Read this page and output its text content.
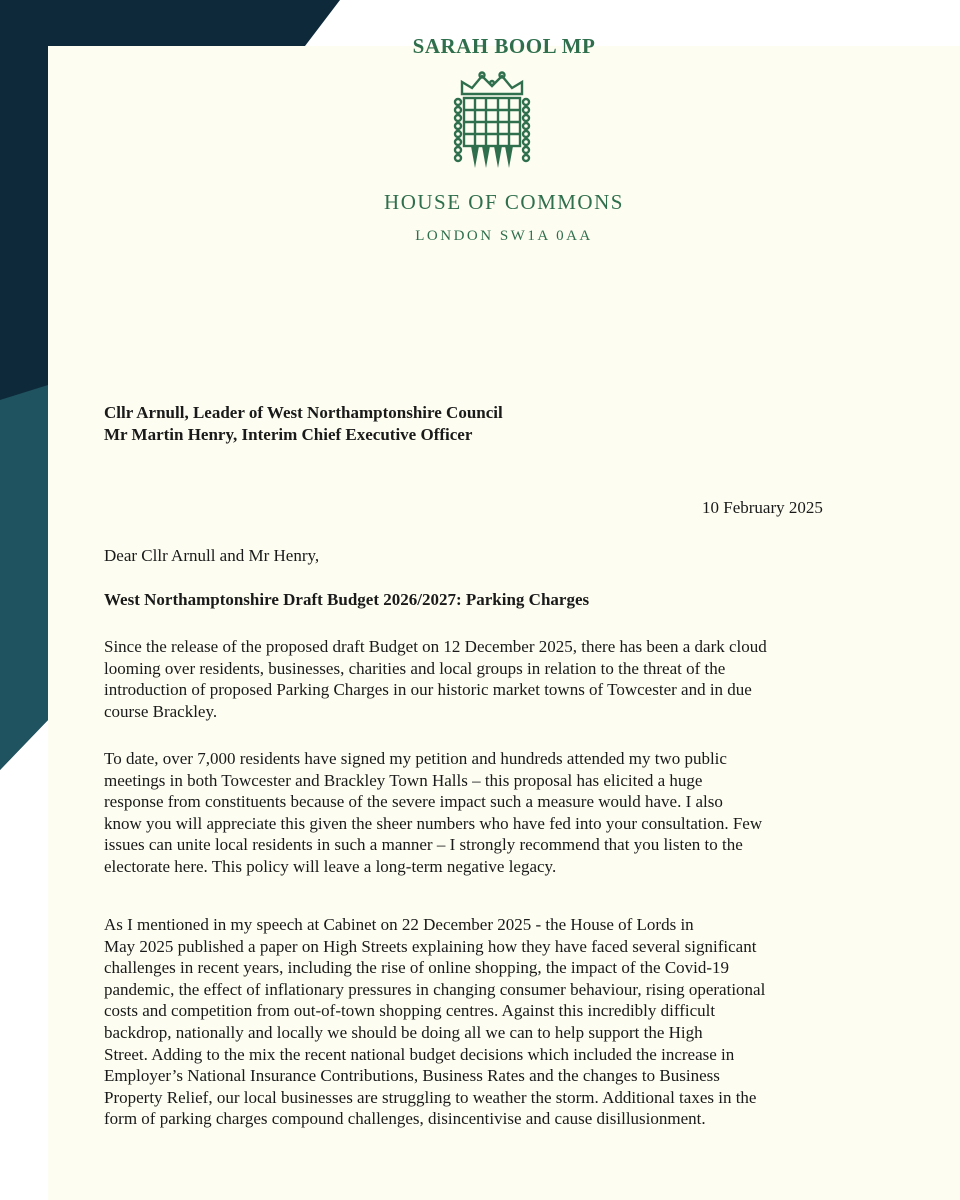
SARAH BOOL MP
HOUSE OF COMMONS
LONDON SW1A 0AA
Cllr Arnull, Leader of West Northamptonshire Council
Mr Martin Henry, Interim Chief Executive Officer
10 February 2025
Dear Cllr Arnull and Mr Henry,
West Northamptonshire Draft Budget 2026/2027: Parking Charges
Since the release of the proposed draft Budget on 12 December 2025, there has been a dark cloud
looming over residents, businesses, charities and local groups in relation to the threat of the
introduction of proposed Parking Charges in our historic market towns of Towcester and in due
course Brackley.
To date, over 7,000 residents have signed my petition and hundreds attended my two public
meetings in both Towcester and Brackley Town Halls – this proposal has elicited a huge
response from constituents because of the severe impact such a measure would have. I also
know you will appreciate this given the sheer numbers who have fed into your consultation. Few
issues can unite local residents in such a manner – I strongly recommend that you listen to the
electorate here. This policy will leave a long-term negative legacy.
As I mentioned in my speech at Cabinet on 22 December 2025 - the House of Lords in
May 2025 published a paper on High Streets explaining how they have faced several significant
challenges in recent years, including the rise of online shopping, the impact of the Covid-19
pandemic, the effect of inflationary pressures in changing consumer behaviour, rising operational
costs and competition from out-of-town shopping centres. Against this incredibly difficult
backdrop, nationally and locally we should be doing all we can to help support the High
Street. Adding to the mix the recent national budget decisions which included the increase in
Employer’s National Insurance Contributions, Business Rates and the changes to Business
Property Relief, our local businesses are struggling to weather the storm. Additional taxes in the
form of parking charges compound challenges, disincentivise and cause disillusionment.
